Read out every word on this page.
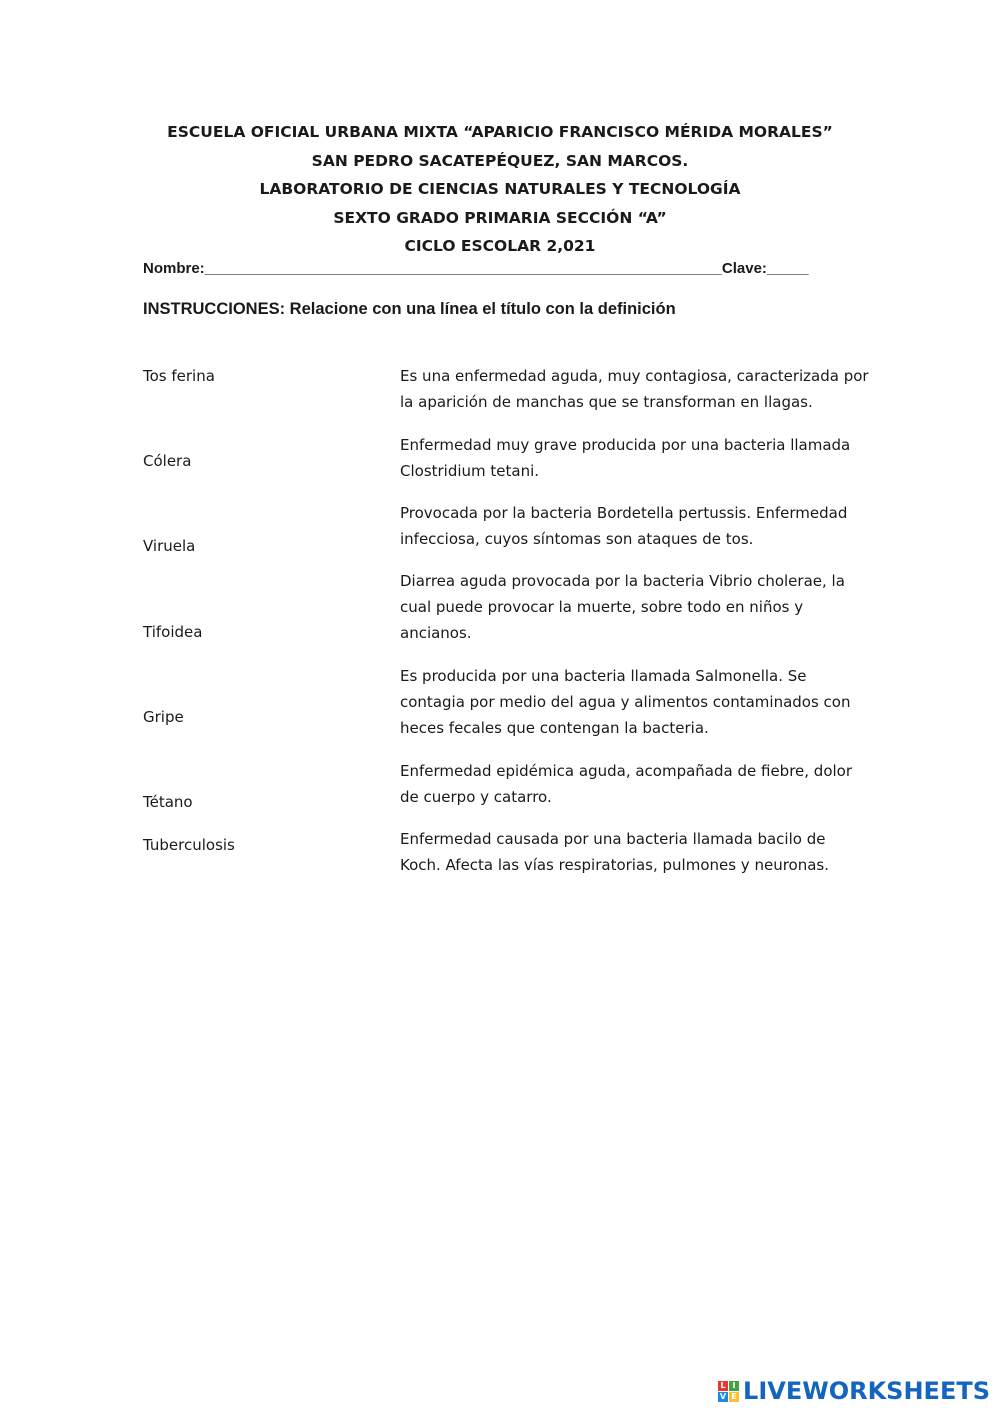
ESCUELA OFICIAL URBANA MIXTA “APARICIO FRANCISCO MÉRIDA MORALES”
SAN PEDRO SACATEPÉQUEZ, SAN MARCOS.
LABORATORIO DE CIENCIAS NATURALES Y TECNOLOGÍA
SEXTO GRADO PRIMARIA SECCIÓN “A”
CICLO ESCOLAR 2,021
Nombre:______________________________________________________________Clave:_____
INSTRUCCIONES: Relacione con una línea el título con la definición
Tos ferina
Cólera
Viruela
Tifoidea
Gripe
Tétano
Tuberculosis
Es una enfermedad aguda, muy contagiosa, caracterizada por la aparición de manchas que se transforman en llagas.
Enfermedad muy grave producida por una bacteria llamada Clostridium tetani.
Provocada por la bacteria Bordetella pertussis. Enfermedad infecciosa, cuyos síntomas son ataques de tos.
Diarrea aguda provocada por la bacteria Vibrio cholerae, la cual puede provocar la muerte, sobre todo en niños y ancianos.
Es producida por una bacteria llamada Salmonella. Se contagia por medio del agua y alimentos contaminados con heces fecales que contengan la bacteria.
Enfermedad epidémica aguda, acompañada de fiebre, dolor de cuerpo y catarro.
Enfermedad causada por una bacteria llamada bacilo de Koch. Afecta las vías respiratorias, pulmones y neuronas.
L I
V E LIVEWORKSHEETS
